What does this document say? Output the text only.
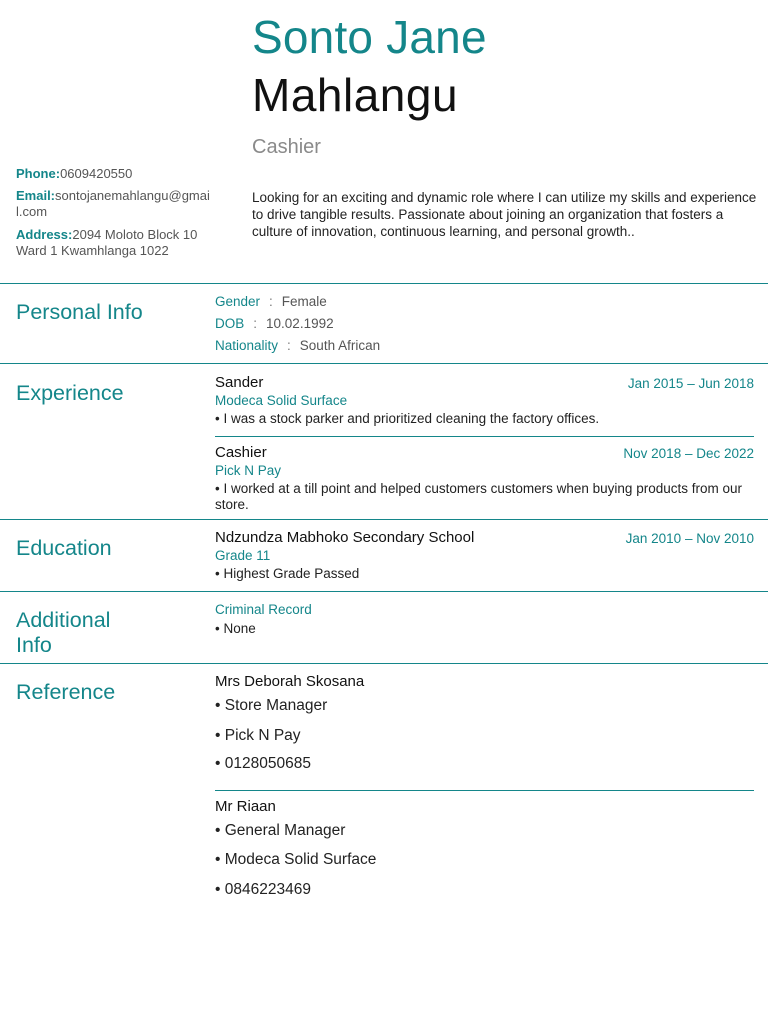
Sonto Jane
Mahlangu
Cashier
Phone:0609420550
Email:sontojanemahlangu@gmail.com
Address:2094 Moloto Block 10 Ward 1 Kwamhlanga 1022
Looking for an exciting and dynamic role where I can utilize my skills and experience to drive tangible results. Passionate about joining an organization that fosters a culture of innovation, continuous learning, and personal growth..
Personal Info	Gender : Female
DOB : 10.02.1992
Nationality : South African
Experience	Sander	Jan 2015 – Jun 2018
Modeca Solid Surface
• I was a stock parker and prioritized cleaning the factory offices.
Cashier	Nov 2018 – Dec 2022
Pick N Pay
• I worked at a till point and helped customers customers when buying products from our store.
Education	Ndzundza Mabhoko Secondary School	Jan 2010 – Nov 2010
Grade 11
• Highest Grade Passed
Additional
Info
Criminal Record
• None
Reference	Mrs Deborah Skosana
• Store Manager
• Pick N Pay
• 0128050685
Mr Riaan
• General Manager
• Modeca Solid Surface
• 0846223469
